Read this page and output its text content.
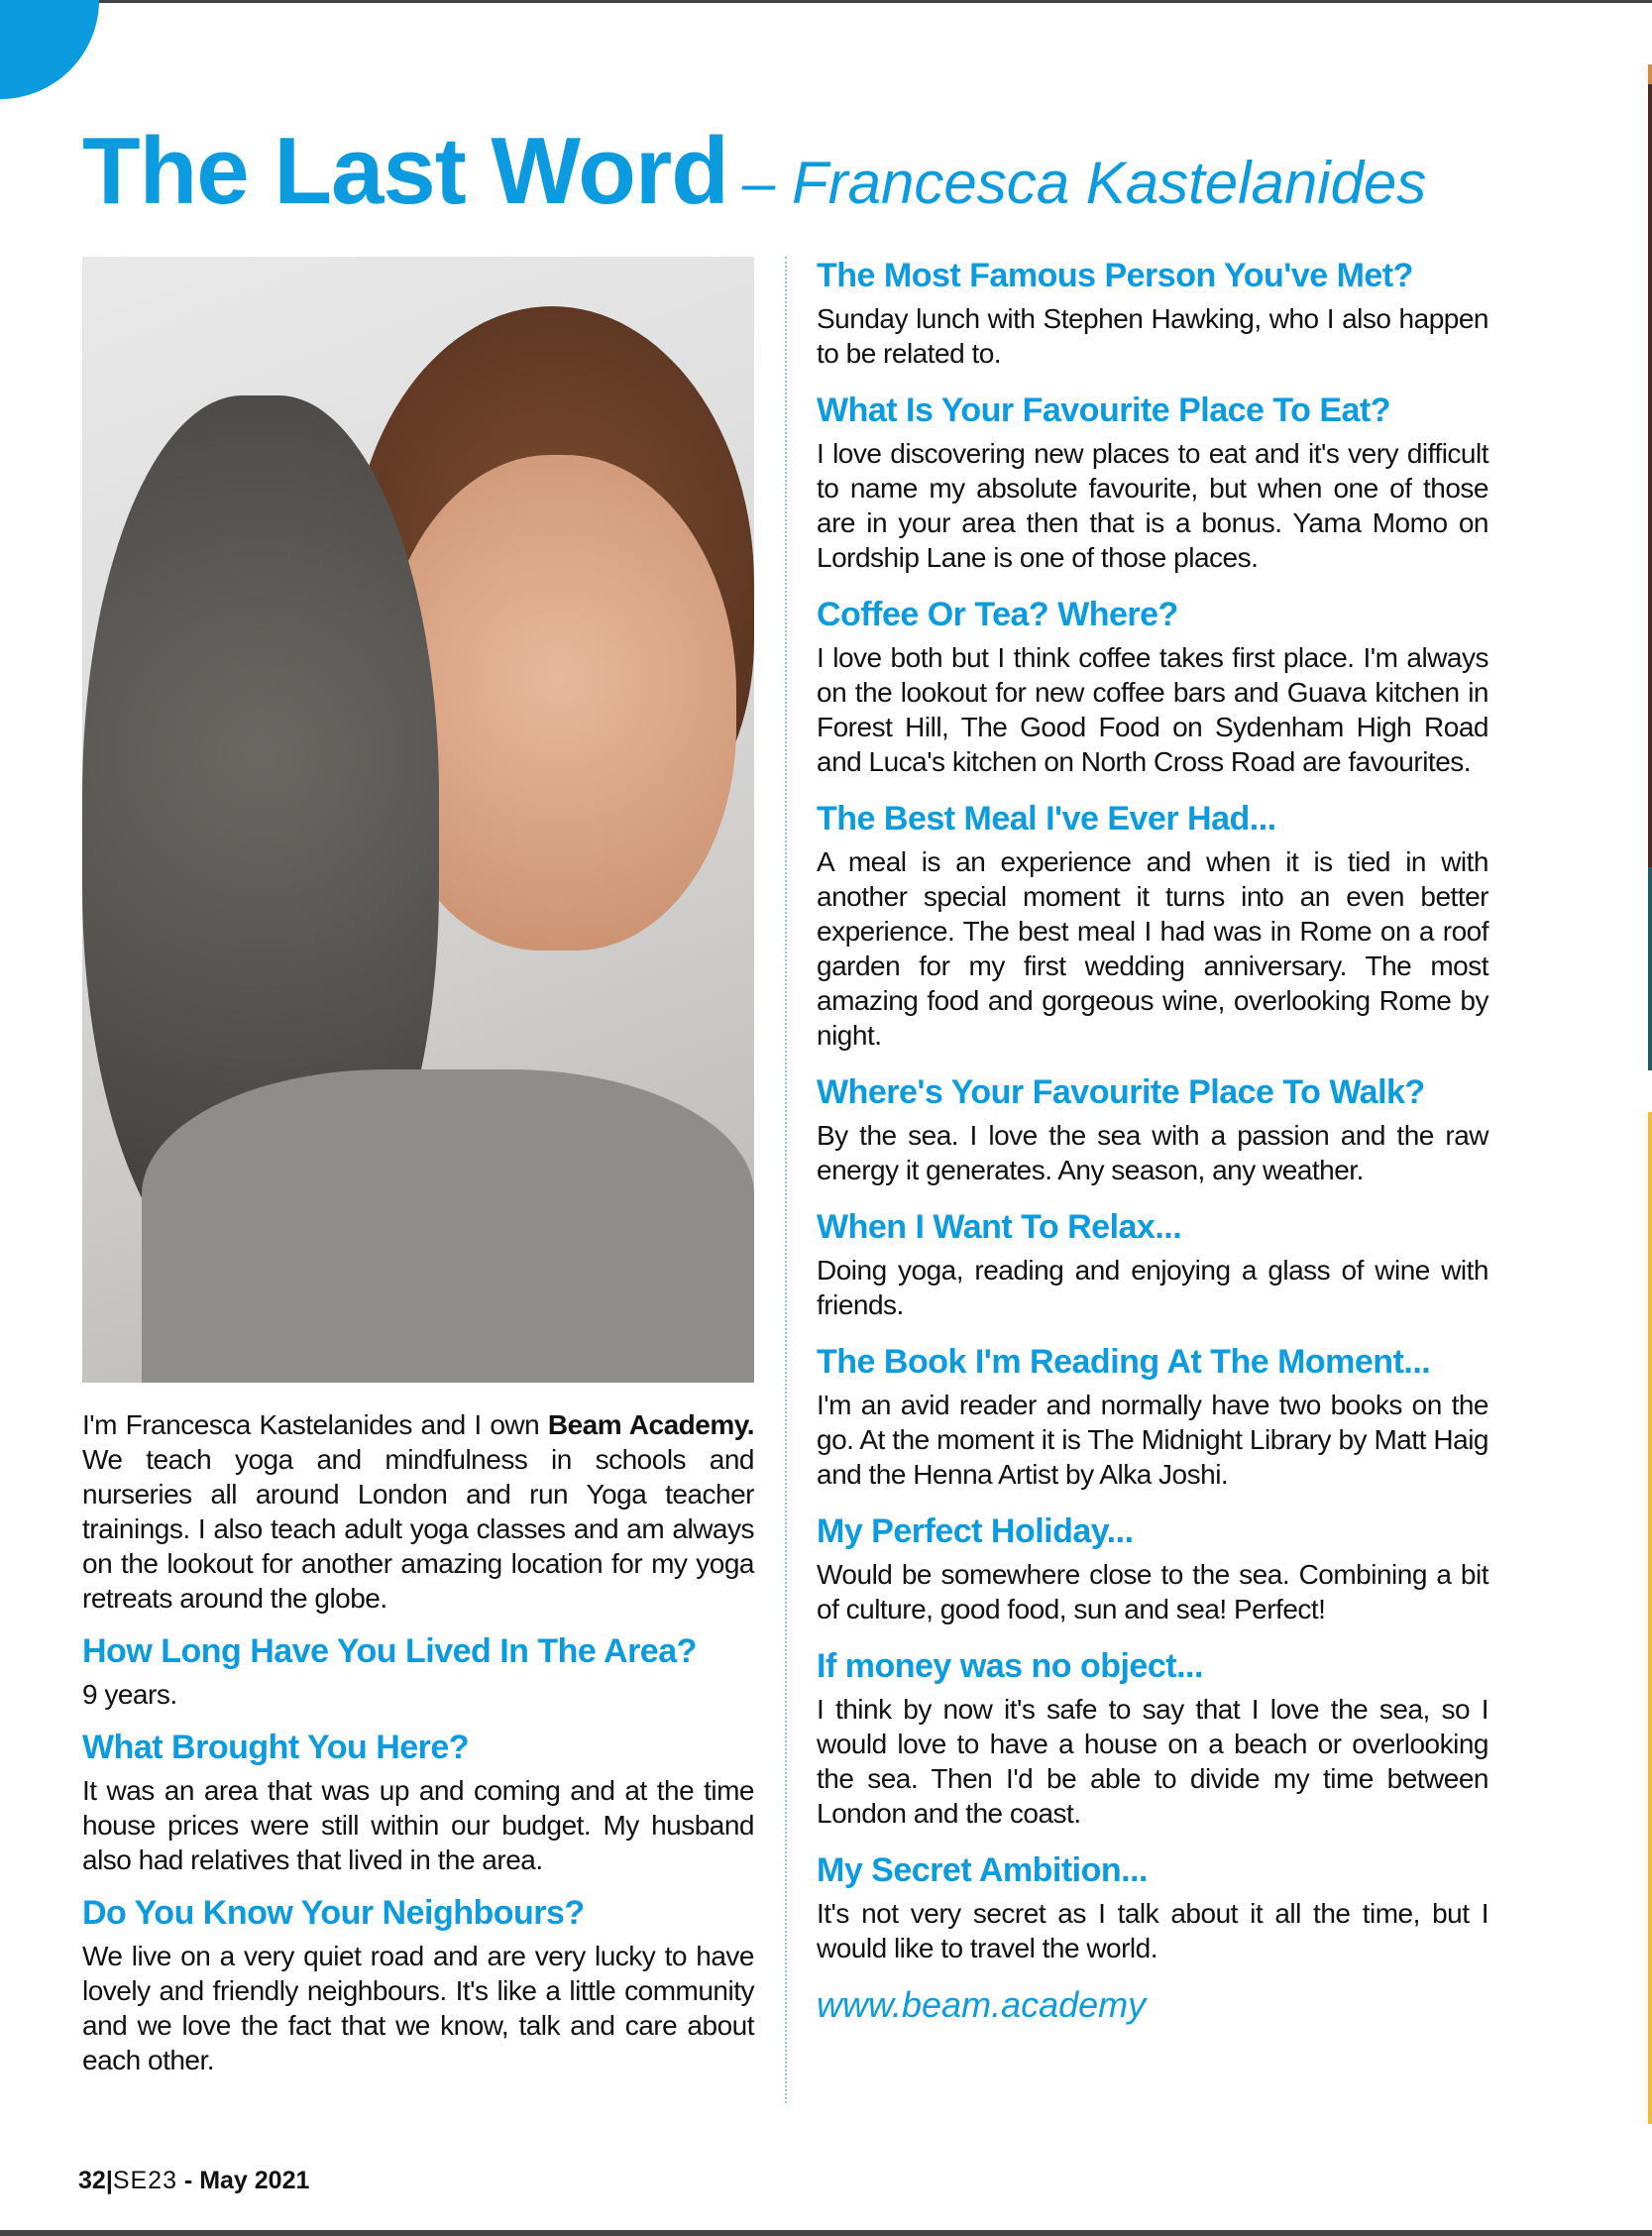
The Last Word – Francesca Kastelanides

I'm Francesca Kastelanides and I own Beam Academy. We teach yoga and mindfulness in schools and nurseries all around London and run Yoga teacher trainings. I also teach adult yoga classes and am always on the lookout for another amazing location for my yoga retreats around the globe.

How Long Have You Lived In The Area?

9 years.

What Brought You Here?

It was an area that was up and coming and at the time house prices were still within our budget. My husband also had relatives that lived in the area.

Do You Know Your Neighbours?

We live on a very quiet road and are very lucky to have lovely and friendly neighbours. It's like a little community and we love the fact that we know, talk and care about each other.

The Most Famous Person You've Met?

Sunday lunch with Stephen Hawking, who I also happen to be related to.

What Is Your Favourite Place To Eat?

I love discovering new places to eat and it's very difficult to name my absolute favourite, but when one of those are in your area then that is a bonus. Yama Momo on Lordship Lane is one of those places.

Coffee Or Tea? Where?

I love both but I think coffee takes first place. I'm always on the lookout for new coffee bars and Guava kitchen in Forest Hill, The Good Food on Sydenham High Road and Luca's kitchen on North Cross Road are favourites.

The Best Meal I've Ever Had...

A meal is an experience and when it is tied in with another special moment it turns into an even better experience. The best meal I had was in Rome on a roof garden for my first wedding anniversary. The most amazing food and gorgeous wine, overlooking Rome by night.

Where's Your Favourite Place To Walk?

By the sea. I love the sea with a passion and the raw energy it generates. Any season, any weather.

When I Want To Relax...

Doing yoga, reading and enjoying a glass of wine with friends.

The Book I'm Reading At The Moment...

I'm an avid reader and normally have two books on the go. At the moment it is The Midnight Library by Matt Haig and the Henna Artist by Alka Joshi.

My Perfect Holiday...

Would be somewhere close to the sea. Combining a bit of culture, good food, sun and sea! Perfect!

If money was no object...

I think by now it's safe to say that I love the sea, so I would love to have a house on a beach or overlooking the sea. Then I'd be able to divide my time between London and the coast.

My Secret Ambition...

It's not very secret as I talk about it all the time, but I would like to travel the world.

www.beam.academy
32|SE23 - May 2021
